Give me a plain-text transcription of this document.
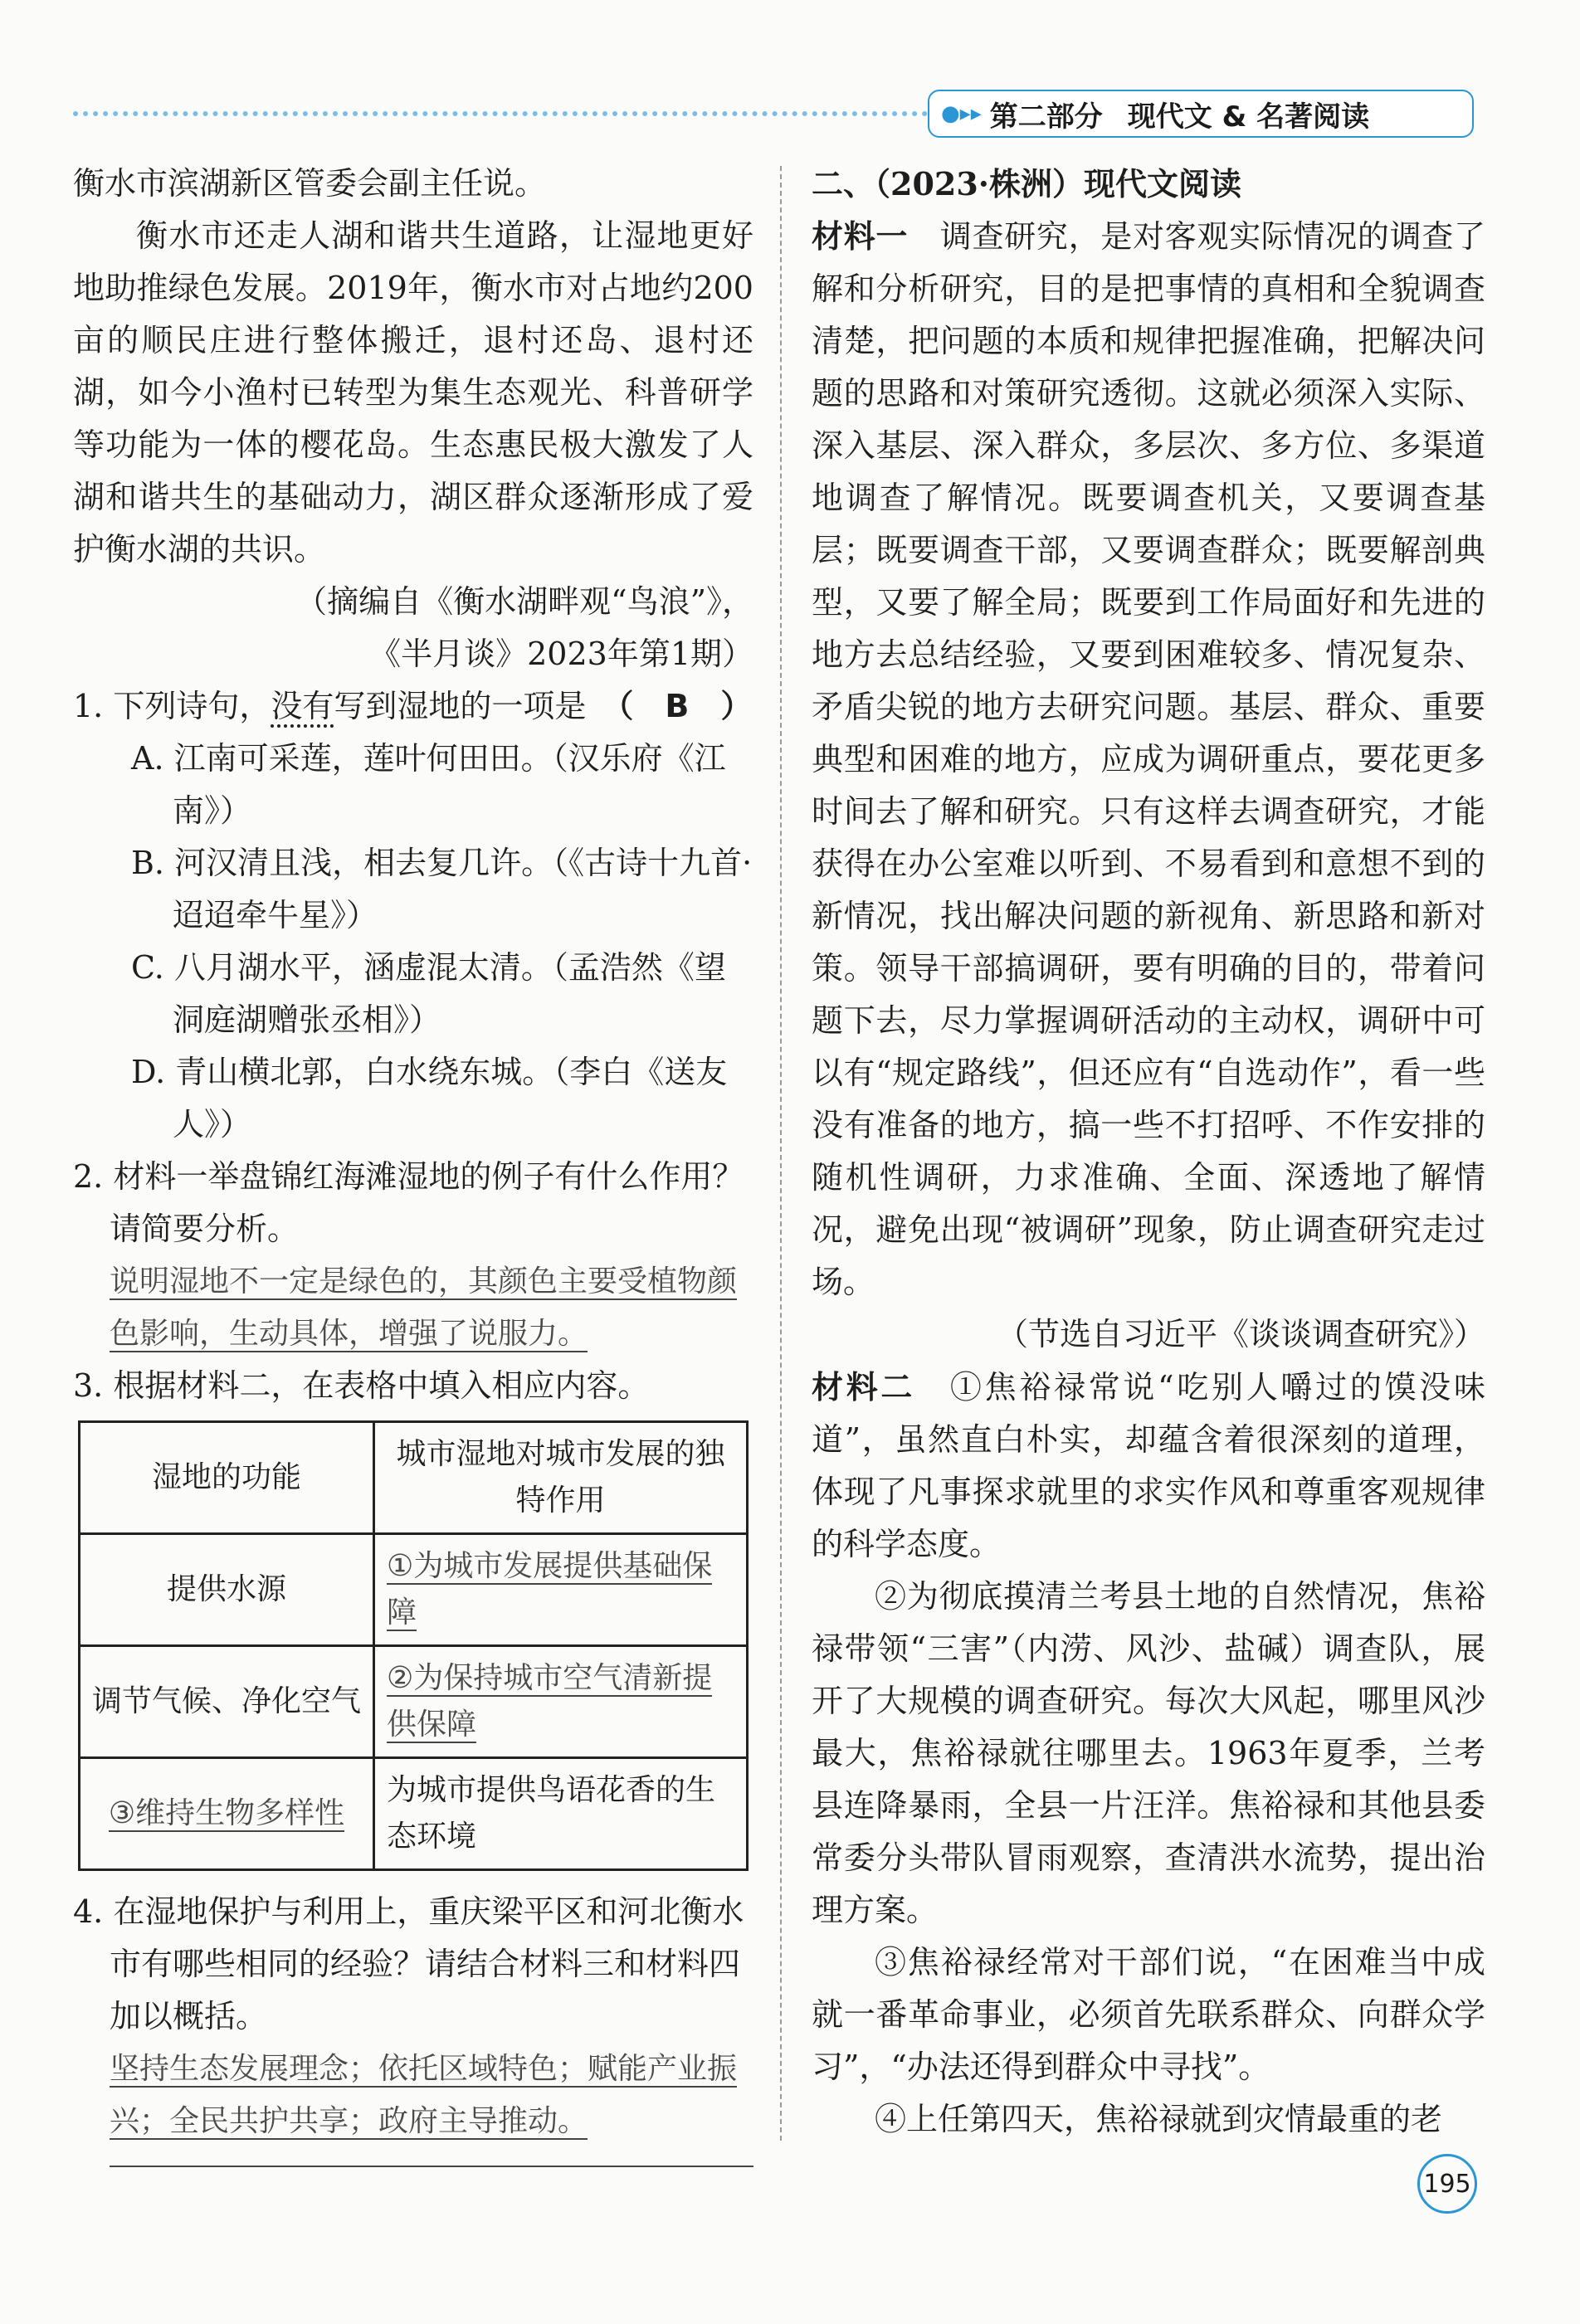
●▸▸ 第二部分 现代文 & 名著阅读

衡水市滨湖新区管委会副主任说。

衡水市还走人湖和谐共生道路，让湿地更好地助推绿色发展。2019年，衡水市对占地约200亩的顺民庄进行整体搬迁，退村还岛、退村还湖，如今小渔村已转型为集生态观光、科普研学等功能为一体的樱花岛。生态惠民极大激发了人湖和谐共生的基础动力，湖区群众逐渐形成了爱护衡水湖的共识。

（摘编自《衡水湖畔观“鸟浪”》，

《半月谈》2023年第1期）

1. 下列诗句，没有写到湿地的一项是　 （　B　）

A. 江南可采莲，莲叶何田田。（汉乐府《江南》）

B. 河汉清且浅，相去复几许。（《古诗十九首·迢迢牵牛星》）

C. 八月湖水平，涵虚混太清。（孟浩然《望洞庭湖赠张丞相》）

D. 青山横北郭，白水绕东城。（李白《送友人》）

2. 材料一举盘锦红海滩湿地的例子有什么作用？请简要分析。

说明湿地不一定是绿色的，其颜色主要受植物颜色影响，生动具体，增强了说服力。

3. 根据材料二，在表格中填入相应内容。

湿地的功能	城市湿地对城市发展的独特作用
提供水源	①为城市发展提供基础保障
调节气候、净化空气	②为保持城市空气清新提供保障
③维持生物多样性	为城市提供鸟语花香的生态环境

4. 在湿地保护与利用上，重庆梁平区和河北衡水市有哪些相同的经验？请结合材料三和材料四加以概括。

坚持生态发展理念；依托区域特色；赋能产业振兴；全民共护共享；政府主导推动。

二、（2023·株洲）现代文阅读

材料一　调查研究，是对客观实际情况的调查了解和分析研究，目的是把事情的真相和全貌调查清楚，把问题的本质和规律把握准确，把解决问题的思路和对策研究透彻。这就必须深入实际、深入基层、深入群众，多层次、多方位、多渠道地调查了解情况。既要调查机关，又要调查基层；既要调查干部，又要调查群众；既要解剖典型，又要了解全局；既要到工作局面好和先进的地方去总结经验，又要到困难较多、情况复杂、矛盾尖锐的地方去研究问题。基层、群众、重要典型和困难的地方，应成为调研重点，要花更多时间去了解和研究。只有这样去调查研究，才能获得在办公室难以听到、不易看到和意想不到的新情况，找出解决问题的新视角、新思路和新对策。领导干部搞调研，要有明确的目的，带着问题下去，尽力掌握调研活动的主动权，调研中可以有“规定路线”，但还应有“自选动作”，看一些没有准备的地方，搞一些不打招呼、不作安排的随机性调研，力求准确、全面、深透地了解情况，避免出现“被调研”现象，防止调查研究走过场。

（节选自习近平《谈谈调查研究》）

材料二　①焦裕禄常说“吃别人嚼过的馍没味道”，虽然直白朴实，却蕴含着很深刻的道理，体现了凡事探求就里的求实作风和尊重客观规律的科学态度。

②为彻底摸清兰考县土地的自然情况，焦裕禄带领“三害”（内涝、风沙、盐碱）调查队，展开了大规模的调查研究。每次大风起，哪里风沙最大，焦裕禄就往哪里去。1963年夏季，兰考县连降暴雨，全县一片汪洋。焦裕禄和其他县委常委分头带队冒雨观察，查清洪水流势，提出治理方案。

③焦裕禄经常对干部们说，“在困难当中成就一番革命事业，必须首先联系群众、向群众学习”，“办法还得到群众中寻找”。

④上任第四天，焦裕禄就到灾情最重的老

195
